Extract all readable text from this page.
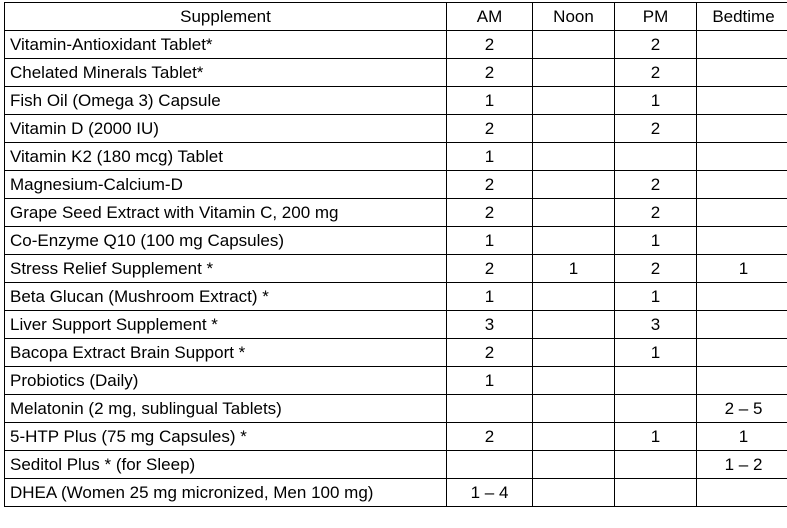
Supplement	AM	Noon	PM	Bedtime
Vitamin-Antioxidant Tablet*	2		2	
Chelated Minerals Tablet*	2		2	
Fish Oil (Omega 3) Capsule	1		1	
Vitamin D (2000 IU)	2		2	
Vitamin K2 (180 mcg) Tablet	1			
Magnesium-Calcium-D	2		2	
Grape Seed Extract with Vitamin C, 200 mg	2		2	
Co-Enzyme Q10 (100 mg Capsules)	1		1	
Stress Relief Supplement *	2	1	2	1
Beta Glucan (Mushroom Extract) *	1		1	
Liver Support Supplement *	3		3	
Bacopa Extract Brain Support *	2		1	
Probiotics (Daily)	1			
Melatonin (2 mg, sublingual Tablets)				2 – 5
5-HTP Plus (75 mg Capsules) *	2		1	1
Seditol Plus * (for Sleep)				1 – 2
DHEA (Women 25 mg micronized, Men 100 mg)	1 – 4			
